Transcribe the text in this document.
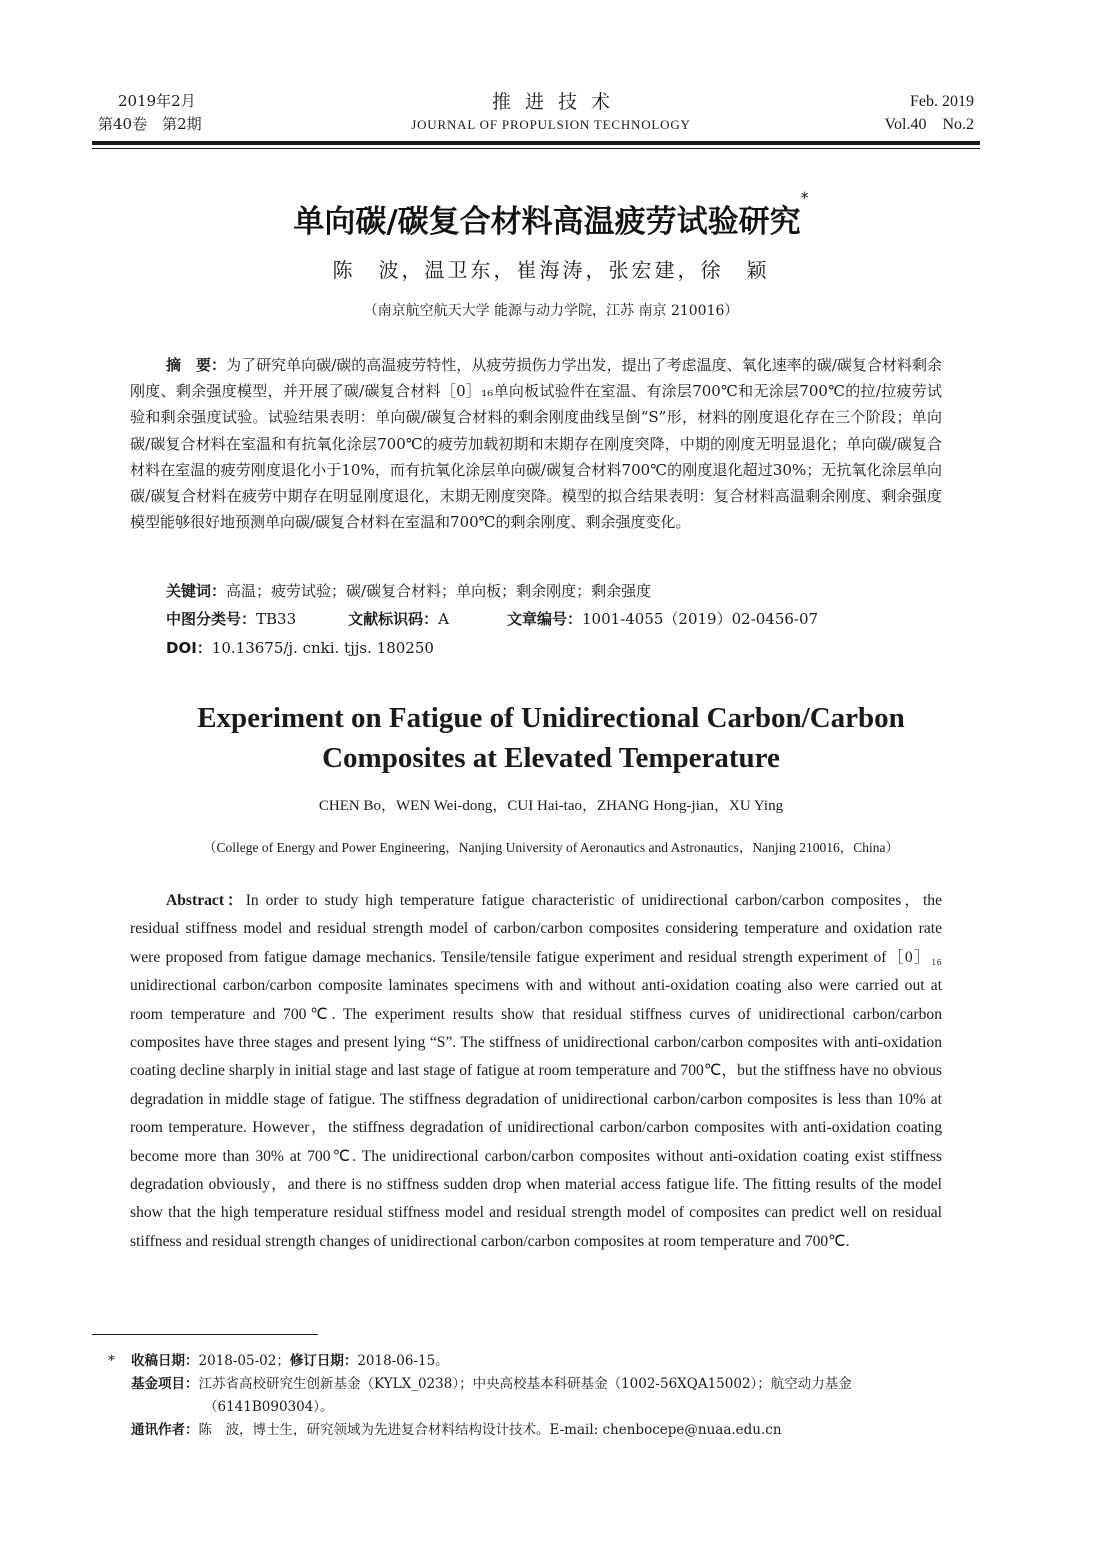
2019年2月
第40卷　第2期
推进技术
JOURNAL OF PROPULSION TECHNOLOGY
Feb. 2019
Vol.40　No.2
单向碳/碳复合材料高温疲劳试验研究*
陈　波，温卫东，崔海涛，张宏建，徐　颖
（南京航空航天大学 能源与动力学院，江苏 南京 210016）

摘　要：为了研究单向碳/碳的高温疲劳特性，从疲劳损伤力学出发，提出了考虑温度、氧化速率的碳/碳复合材料剩余刚度、剩余强度模型，并开展了碳/碳复合材料［0］₁₆单向板试验件在室温、有涂层700℃和无涂层700℃的拉/拉疲劳试验和剩余强度试验。试验结果表明：单向碳/碳复合材料的剩余刚度曲线呈倒“S”形，材料的刚度退化存在三个阶段；单向碳/碳复合材料在室温和有抗氧化涂层700℃的疲劳加载初期和末期存在刚度突降，中期的刚度无明显退化；单向碳/碳复合材料在室温的疲劳刚度退化小于10%，而有抗氧化涂层单向碳/碳复合材料700℃的刚度退化超过30%；无抗氧化涂层单向碳/碳复合材料在疲劳中期存在明显刚度退化，末期无刚度突降。模型的拟合结果表明：复合材料高温剩余刚度、剩余强度模型能够很好地预测单向碳/碳复合材料在室温和700℃的剩余刚度、剩余强度变化。

关键词：高温；疲劳试验；碳/碳复合材料；单向板；剩余刚度；剩余强度
中图分类号：TB33	文献标识码：A	文章编号：1001-4055（2019）02-0456-07
DOI：10.13675/j. cnki. tjjs. 180250
Experiment on Fatigue of Unidirectional Carbon/Carbon
Composites at Elevated Temperature
CHEN Bo，WEN Wei-dong，CUI Hai-tao，ZHANG Hong-jian，XU Ying
（College of Energy and Power Engineering，Nanjing University of Aeronautics and Astronautics，Nanjing 210016，China）

Abstract：In order to study high temperature fatigue characteristic of unidirectional carbon/carbon composites，the residual stiffness model and residual strength model of carbon/carbon composites considering temperature and oxidation rate were proposed from fatigue damage mechanics. Tensile/tensile fatigue experiment and residual strength experiment of［0］₁₆ unidirectional carbon/carbon composite laminates specimens with and without anti-oxidation coating also were carried out at room temperature and 700℃. The experiment results show that residual stiffness curves of unidirectional carbon/carbon composites have three stages and present lying “S”. The stiffness of unidirectional carbon/carbon composites with anti-oxidation coating decline sharply in initial stage and last stage of fatigue at room temperature and 700℃，but the stiffness have no obvious degradation in middle stage of fatigue. The stiffness degradation of unidirectional carbon/carbon composites is less than 10% at room temperature. However，the stiffness degradation of unidirectional carbon/carbon composites with anti-oxidation coating become more than 30% at 700℃. The unidirectional carbon/carbon composites without anti-oxidation coating exist stiffness degradation obviously，and there is no stiffness sudden drop when material access fatigue life. The fitting results of the model show that the high temperature residual stiffness model and residual strength model of composites can predict well on residual stiffness and residual strength changes of unidirectional carbon/carbon composites at room temperature and 700℃.

* 收稿日期：2018-05-02；修订日期：2018-06-15。
基金项目：江苏省高校研究生创新基金（KYLX_0238）；中央高校基本科研基金（1002-56XQA15002）；航空动力基金
（6141B090304）。
通讯作者：陈　波，博士生，研究领域为先进复合材料结构设计技术。E-mail: chenbocepe@nuaa.edu.cn
